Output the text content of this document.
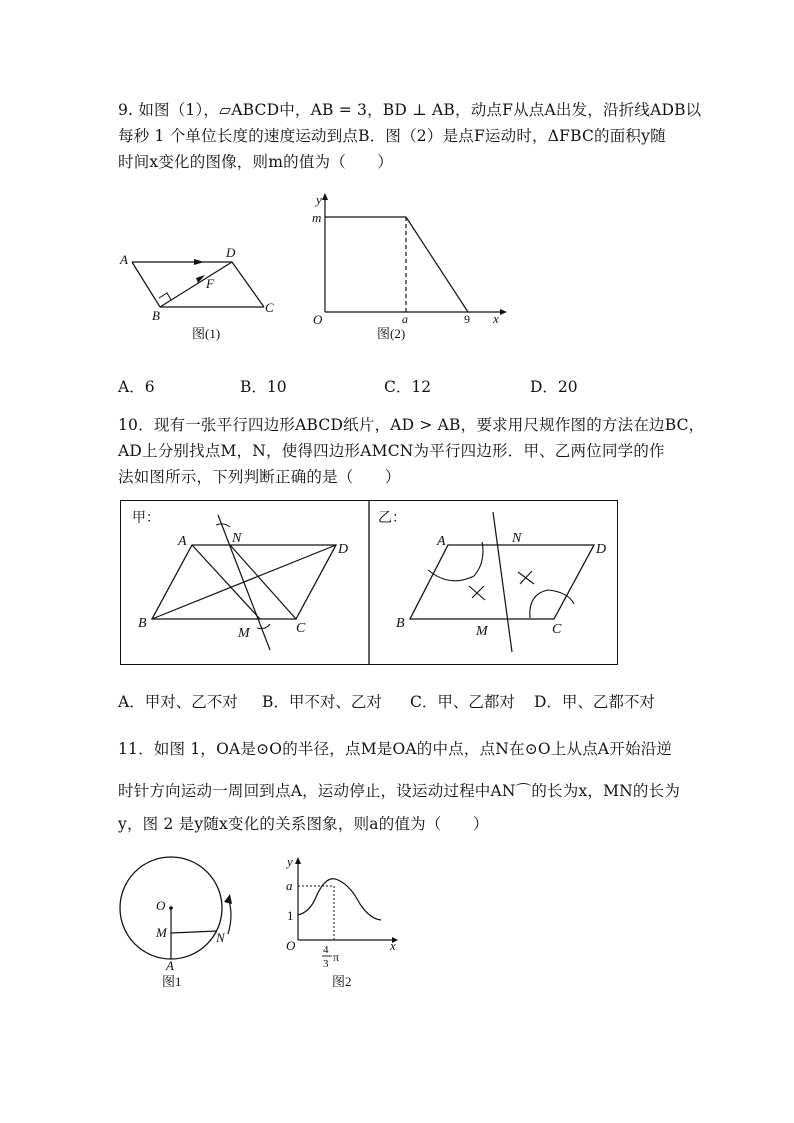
9. 如图（1），▱ABCD中，AB = 3，BD ⊥ AB，动点F从点A出发，沿折线ADB以
每秒 1 个单位长度的速度运动到点B．图（2）是点F运动时，ΔFBC的面积y随
时间x变化的图像，则m的值为（　　）
A	D
F
B
C
图(1)
y
x
O
m
a	9
图(2)
A．6	B．10	C．12	D．20
10．现有一张平行四边形ABCD纸片，AD > AB，要求用尺规作图的方法在边BC，
AD上分别找点M，N，使得四边形AMCN为平行四边形．甲、乙两位同学的作
法如图所示，下列判断正确的是（　　）
甲：
A	N
D
B
M	C
乙：
A	N
D
B
M	C
A．甲对、乙不对 B．甲不对、乙对 C．甲、乙都对 D．甲、乙都不对
11．如图 1，OA是⊙O的半径，点M是OA的中点，点N在⊙O上从点A开始沿逆
时针方向运动一周回到点A，运动停止，设运动过程中AN⌒的长为x，MN的长为
y，图 2 是y随x变化的关系图象，则a的值为（　　）
O
M	N
A
图1
y
x
O
a
1
4
3 π
图2
